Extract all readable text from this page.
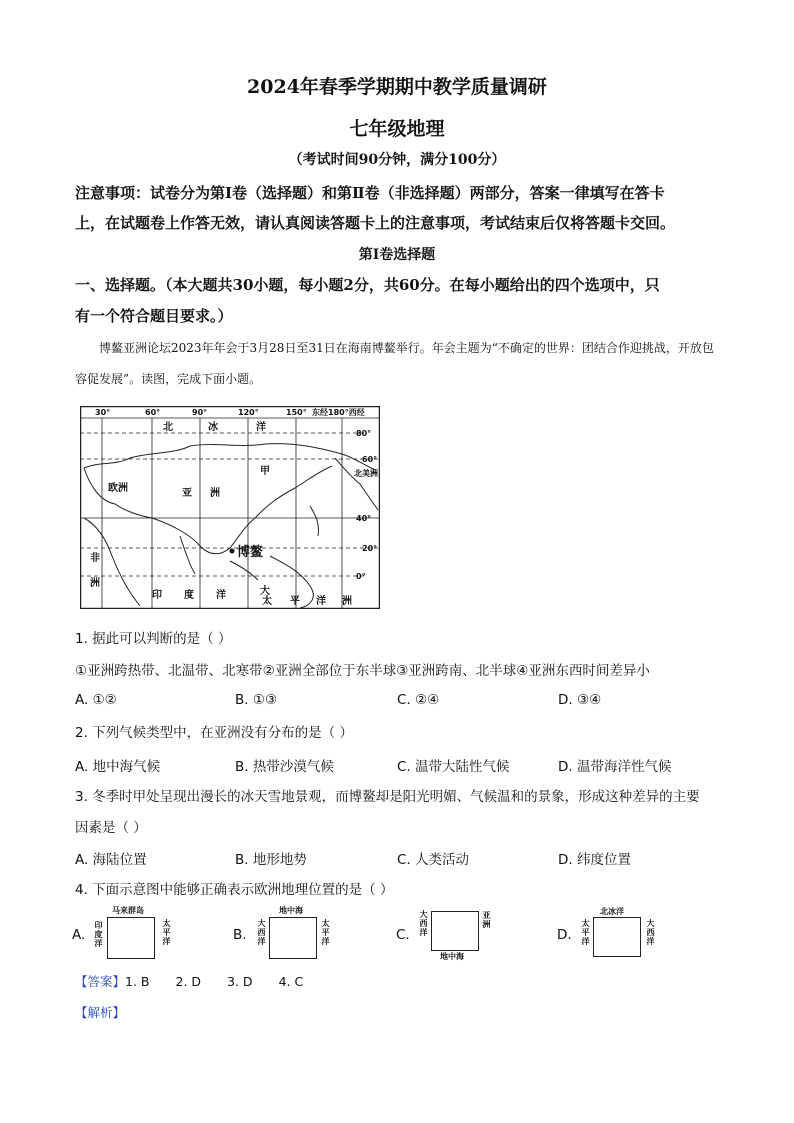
2024年春季学期期中教学质量调研
七年级地理
（考试时间90分钟，满分100分）
注意事项：试卷分为第Ⅰ卷（选择题）和第Ⅱ卷（非选择题）两部分，答案一律填写在答卡
上，在试题卷上作答无效，请认真阅读答题卡上的注意事项，考试结束后仅将答题卡交回。
第Ⅰ卷选择题
一、选择题。（本大题共30小题，每小题2分，共60分。在每小题给出的四个选项中，只
有一个符合题目要求。）
博鳌亚洲论坛2023年年会于3月28日至31日在海南博鳌举行。年会主题为“不确定的世界：团结合作迎挑战，开放包容促发展”。读图，完成下面小题。
30°	60°	90°	120°	150° 东经180°西经
80°
60°
40°
20°
0°
北	冰	洋
甲
欧洲	亚 洲
非
洲
印 度 洋	大
太 平 洋 洲
北美洲
博鳌
1. 据此可以判断的是（ ）
①亚洲跨热带、北温带、北寒带②亚洲全部位于东半球③亚洲跨南、北半球④亚洲东西时间差异小
A. ①②	B. ①③	C. ②④	D. ③④
2. 下列气候类型中，在亚洲没有分布的是（ ）
A. 地中海气候	B. 热带沙漠气候	C. 温带大陆性气候	D. 温带海洋性气候
3. 冬季时甲处呈现出漫长的冰天雪地景观，而博鳌却是阳光明媚、气候温和的景象，形成这种差异的主要
因素是（ ）
A. 海陆位置	B. 地形地势	C. 人类活动	D. 纬度位置
4. 下面示意图中能够正确表示欧洲地理位置的是（ ）
A.
马来群岛
印度洋
太平洋	B.
地中海
大西洋
太平洋	C.
大西洋
亚洲
地中海
D.
北冰洋
太平洋
大西洋
【答案】1. B 2. D 3. D 4. C
【解析】
